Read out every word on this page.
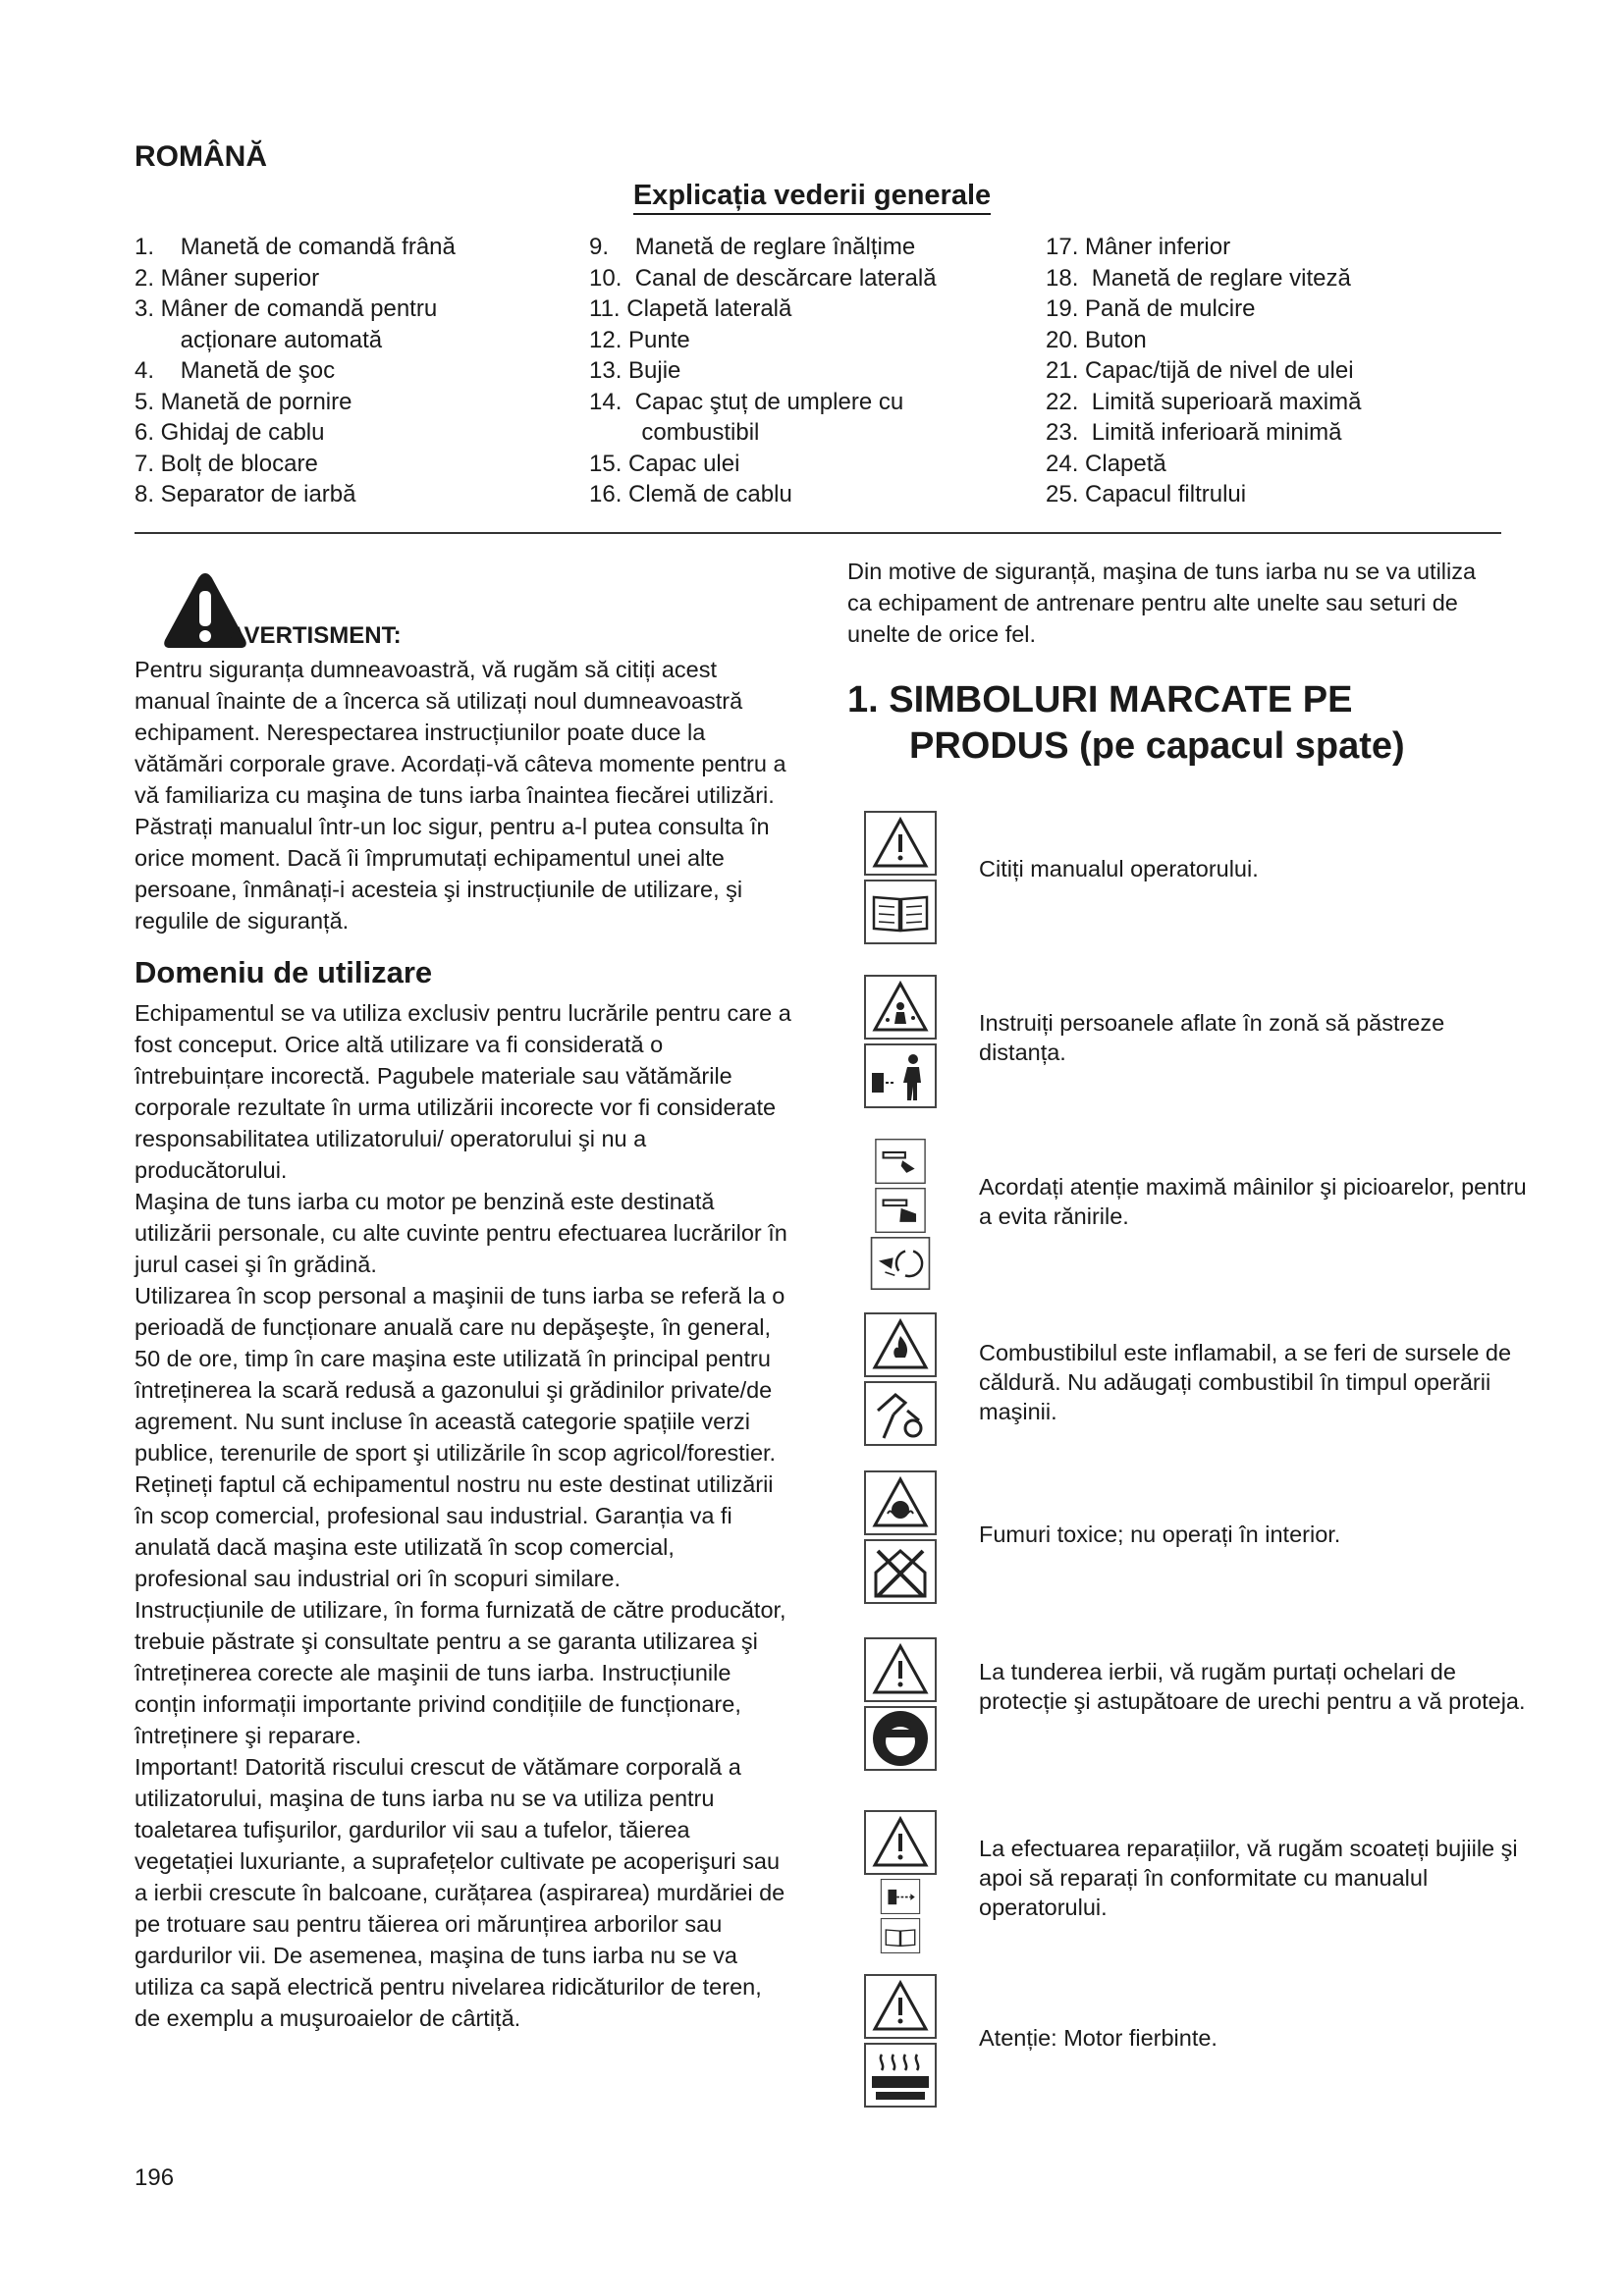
ROMÂNĂ
Explicația vederii generale
1.    Manetă de comandă frână
2. Mâner superior
3. Mâner de comandă pentru
acționare automată
4.    Manetă de şoc
5. Manetă de pornire
6. Ghidaj de cablu
7. Bolț de blocare
8. Separator de iarbă
9.    Manetă de reglare înălțime
10.  Canal de descărcare laterală
11. Clapetă laterală
12. Punte
13. Bujie
14.  Capac ştuț de umplere cu
combustibil
15. Capac ulei
16. Clemă de cablu
17. Mâner inferior
18.  Manetă de reglare viteză
19. Pană de mulcire
20. Buton
21. Capac/tijă de nivel de ulei
22.  Limită superioară maximă
23.  Limită inferioară minimă
24. Clapetă
25. Capacul filtrului
AVERTISMENT:

Pentru siguranța dumneavoastră, vă rugăm să citiți acest manual înainte de a încerca să utilizați noul dumneavoastră echipament. Nerespectarea instrucțiunilor poate duce la vătămări corporale grave. Acordați-vă câteva momente pentru a vă familiariza cu maşina de tuns iarba înaintea fiecărei utilizări. Păstrați manualul într-un loc sigur, pentru a-l putea consulta în orice moment. Dacă îi împrumutați echipamentul unei alte persoane, înmânați-i acesteia şi instrucțiunile de utilizare, şi regulile de siguranță.

Domeniu de utilizare

Echipamentul se va utiliza exclusiv pentru lucrările pentru care a fost conceput. Orice altă utilizare va fi considerată o întrebuințare incorectă. Pagubele materiale sau vătămările corporale rezultate în urma utilizării incorecte vor fi considerate responsabilitatea utilizatorului/ operatorului şi nu a producătorului.

Maşina de tuns iarba cu motor pe benzină este destinată utilizării personale, cu alte cuvinte pentru efectuarea lucrărilor în jurul casei şi în grădină.

Utilizarea în scop personal a maşinii de tuns iarba se referă la o perioadă de funcționare anuală care nu depăşeşte, în general, 50 de ore, timp în care maşina este utilizată în principal pentru întreținerea la scară redusă a gazonului şi grădinilor private/de agrement. Nu sunt incluse în această categorie spațiile verzi publice, terenurile de sport şi utilizările în scop agricol/forestier.

Rețineți faptul că echipamentul nostru nu este destinat utilizării în scop comercial, profesional sau industrial. Garanția va fi anulată dacă maşina este utilizată în scop comercial, profesional sau industrial ori în scopuri similare.

Instrucțiunile de utilizare, în forma furnizată de către producător, trebuie păstrate şi consultate pentru a se garanta utilizarea şi întreținerea corecte ale maşinii de tuns iarba. Instrucțiunile conțin informații importante privind condițiile de funcționare, întreținere şi reparare.

Important! Datorită riscului crescut de vătămare corporală a utilizatorului, maşina de tuns iarba nu se va utiliza pentru toaletarea tufişurilor, gardurilor vii sau a tufelor, tăierea vegetației luxuriante, a suprafețelor cultivate pe acoperişuri sau a ierbii crescute în balcoane, curățarea (aspirarea) murdăriei de pe trotuare sau pentru tăierea ori mărunțirea arborilor sau gardurilor vii. De asemenea, maşina de tuns iarba nu se va utiliza ca sapă electrică pentru nivelarea ridicăturilor de teren, de exemplu a muşuroaielor de cârtiță.

Din motive de siguranță, maşina de tuns iarba nu se va utiliza ca echipament de antrenare pentru alte unelte sau seturi de unelte de orice fel.
1. SIMBOLURI MARCATE PE
PRODUS (pe capacul spate)
Citiți manualul operatorului.
Instruiți persoanele aflate în zonă să păstreze distanța.
Acordați atenție maximă mâinilor şi picioarelor, pentru a evita rănirile.
Combustibilul este inflamabil, a se feri de sursele de căldură. Nu adăugați combustibil în timpul operării maşinii.
Fumuri toxice; nu operați în interior.
La tunderea ierbii, vă rugăm purtați ochelari de protecție şi astupătoare de urechi pentru a vă proteja.
La efectuarea reparațiilor, vă rugăm scoateți bujiile şi apoi să reparați în conformitate cu manualul operatorului.
Atenție: Motor fierbinte.
196
